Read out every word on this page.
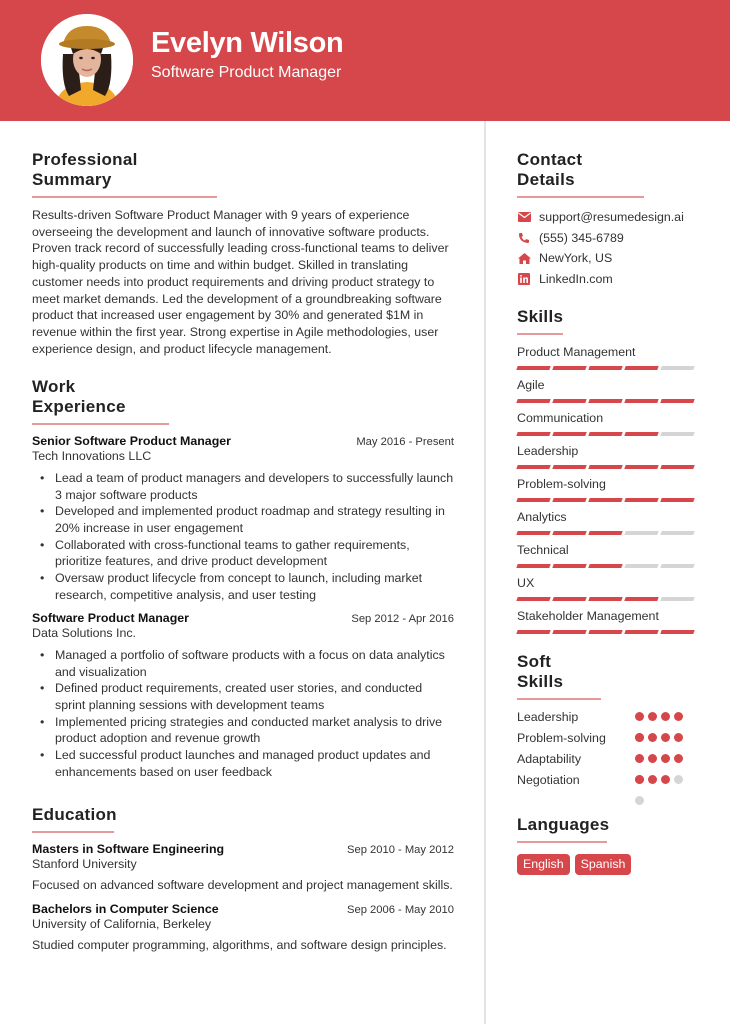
Evelyn Wilson
Software Product Manager
Professional Summary
Results-driven Software Product Manager with 9 years of experience overseeing the development and launch of innovative software products. Proven track record of successfully leading cross-functional teams to deliver high-quality products on time and within budget. Skilled in translating customer needs into product requirements and driving product strategy to meet market demands. Led the development of a groundbreaking software product that increased user engagement by 30% and generated $1M in revenue within the first year. Strong expertise in Agile methodologies, user experience design, and product lifecycle management.
Work Experience
Senior Software Product Manager	May 2016 - Present
Tech Innovations LLC
• Lead a team of product managers and developers to successfully launch 3 major software products
• Developed and implemented product roadmap and strategy resulting in 20% increase in user engagement
• Collaborated with cross-functional teams to gather requirements, prioritize features, and drive product development
• Oversaw product lifecycle from concept to launch, including market research, competitive analysis, and user testing
Software Product Manager	Sep 2012 - Apr 2016
Data Solutions Inc.
• Managed a portfolio of software products with a focus on data analytics and visualization
• Defined product requirements, created user stories, and conducted sprint planning sessions with development teams
• Implemented pricing strategies and conducted market analysis to drive product adoption and revenue growth
• Led successful product launches and managed product updates and enhancements based on user feedback
Education
Masters in Software Engineering	Sep 2010 - May 2012
Stanford University
Focused on advanced software development and project management skills.
Bachelors in Computer Science	Sep 2006 - May 2010
University of California, Berkeley
Studied computer programming, algorithms, and software design principles.
Contact Details
support@resumedesign.ai
(555) 345-6789
NewYork, US
LinkedIn.com
Skills
Product Management
Agile
Communication
Leadership
Problem-solving
Analytics
Technical
UX
Stakeholder Management
Soft Skills
Leadership
Problem-solving
Adaptability
Negotiation
Languages
English	Spanish
